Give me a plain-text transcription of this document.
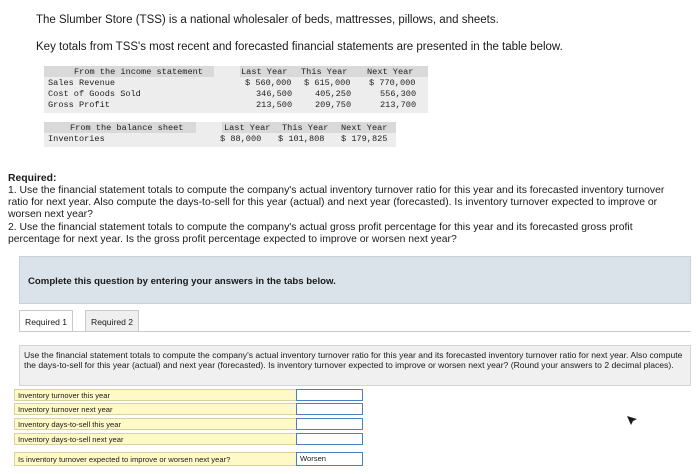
The Slumber Store (TSS) is a national wholesaler of beds, mattresses, pillows, and sheets.
Key totals from TSS's most recent and forecasted financial statements are presented in the table below.
From the income statement	Last Year This Year Next Year
Sales Revenue	$ 560,000 $ 615,000 $ 770,000
Cost of Goods Sold	346,500	405,250	556,300
Gross Profit	213,500	209,750	213,700
From the balance sheet	Last Year This Year Next Year
Inventories	$ 88,000 $ 101,808 $ 179,825
Required:
1. Use the financial statement totals to compute the company's actual inventory turnover ratio for this year and its forecasted inventory turnover ratio for next year. Also compute the days-to-sell for this year (actual) and next year (forecasted). Is inventory turnover expected to improve or worsen next year?
2. Use the financial statement totals to compute the company's actual gross profit percentage for this year and its forecasted gross profit percentage for next year. Is the gross profit percentage expected to improve or worsen next year?
Complete this question by entering your answers in the tabs below.
Required 1	Required 2

Use the financial statement totals to compute the company's actual inventory turnover ratio for this year and its forecasted inventory turnover ratio for next year. Also compute the days-to-sell for this year (actual) and next year (forecasted). Is inventory turnover expected to improve or worsen next year? (Round your answers to 2 decimal places).

Inventory turnover this year
Inventory turnover next year
Inventory days-to-sell this year
Inventory days-to-sell next year
Is inventory turnover expected to improve or worsen next year?	Worsen
